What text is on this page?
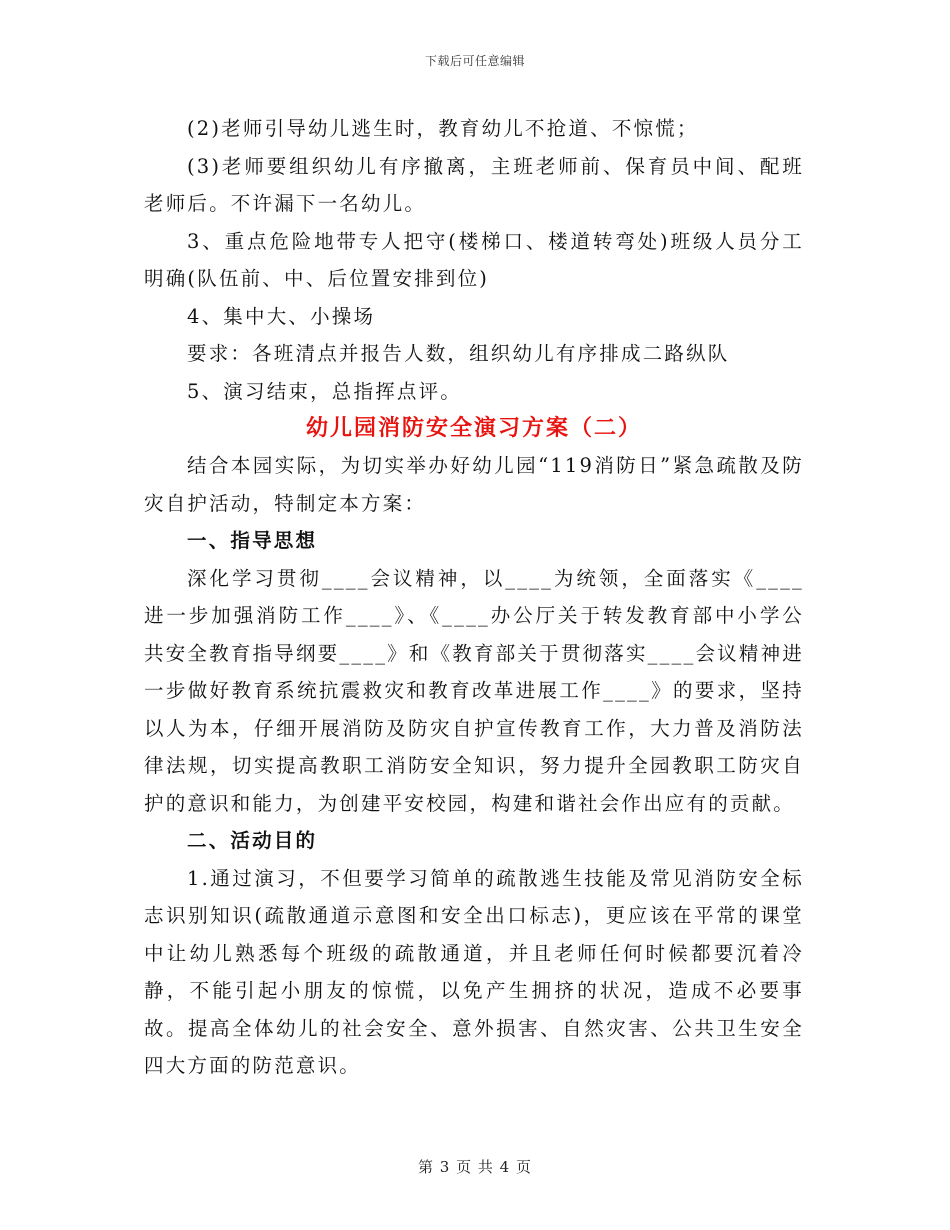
下载后可任意编辑

(2)老师引导幼儿逃生时，教育幼儿不抢道、不惊慌；

(3)老师要组织幼儿有序撤离，主班老师前、保育员中间、配班老师后。不许漏下一名幼儿。

3、重点危险地带专人把守(楼梯口、楼道转弯处)班级人员分工明确(队伍前、中、后位置安排到位)

4、集中大、小操场

要求：各班清点并报告人数，组织幼儿有序排成二路纵队

5、演习结束，总指挥点评。

幼儿园消防安全演习方案（二）

结合本园实际，为切实举办好幼儿园“119消防日”紧急疏散及防灾自护活动，特制定本方案：

一、指导思想

深化学习贯彻____会议精神，以____为统领，全面落实《____进一步加强消防工作____》、《____办公厅关于转发教育部中小学公共安全教育指导纲要____》和《教育部关于贯彻落实____会议精神进一步做好教育系统抗震救灾和教育改革进展工作____》的要求，坚持以人为本，仔细开展消防及防灾自护宣传教育工作，大力普及消防法律法规，切实提高教职工消防安全知识，努力提升全园教职工防灾自护的意识和能力，为创建平安校园，构建和谐社会作出应有的贡献。

二、活动目的

1.通过演习，不但要学习简单的疏散逃生技能及常见消防安全标志识别知识(疏散通道示意图和安全出口标志)，更应该在平常的课堂中让幼儿熟悉每个班级的疏散通道，并且老师任何时候都要沉着冷静，不能引起小朋友的惊慌，以免产生拥挤的状况，造成不必要事故。提高全体幼儿的社会安全、意外损害、自然灾害、公共卫生安全四大方面的防范意识。

第 3 页 共 4 页
